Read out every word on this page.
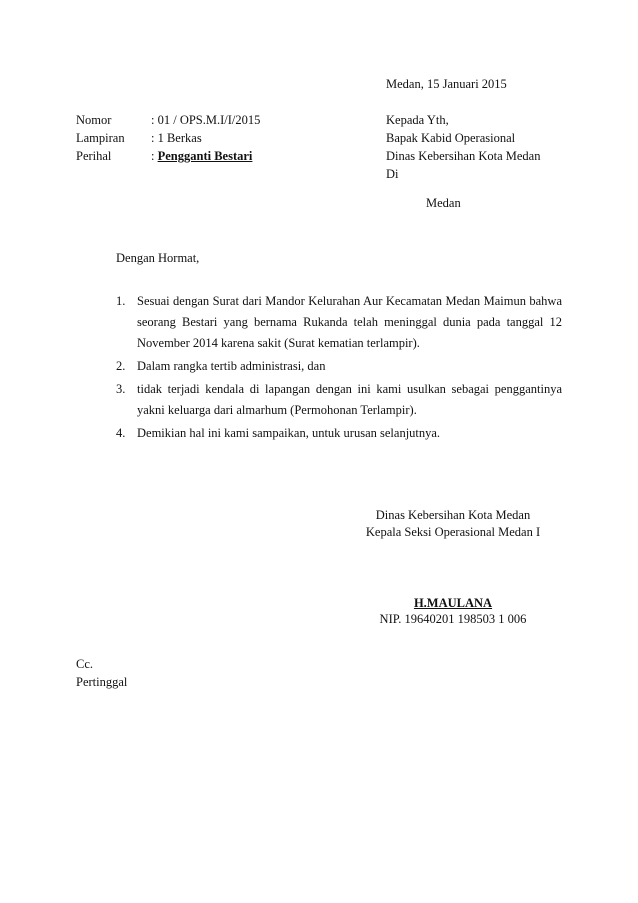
Medan, 15 Januari 2015
Nomor	: 01 / OPS.M.I/I/2015
Lampiran : 1 Berkas
Perihal	: Pengganti Bestari
Kepada Yth,
Bapak Kabid Operasional
Dinas Kebersihan Kota Medan
Di
Medan
Dengan Hormat,
1. Sesuai dengan Surat dari Mandor Kelurahan Aur Kecamatan Medan Maimun bahwa seorang Bestari yang bernama Rukanda telah meninggal dunia pada tanggal 12 November 2014 karena sakit (Surat kematian terlampir).
2. Dalam rangka tertib administrasi, dan
3. tidak terjadi kendala di lapangan dengan ini kami usulkan sebagai penggantinya yakni keluarga dari almarhum (Permohonan Terlampir).
4. Demikian hal ini kami sampaikan, untuk urusan selanjutnya.
Dinas Kebersihan Kota Medan
Kepala Seksi Operasional Medan I
H.MAULANA
NIP. 19640201 198503 1 006
Cc.
Pertinggal
